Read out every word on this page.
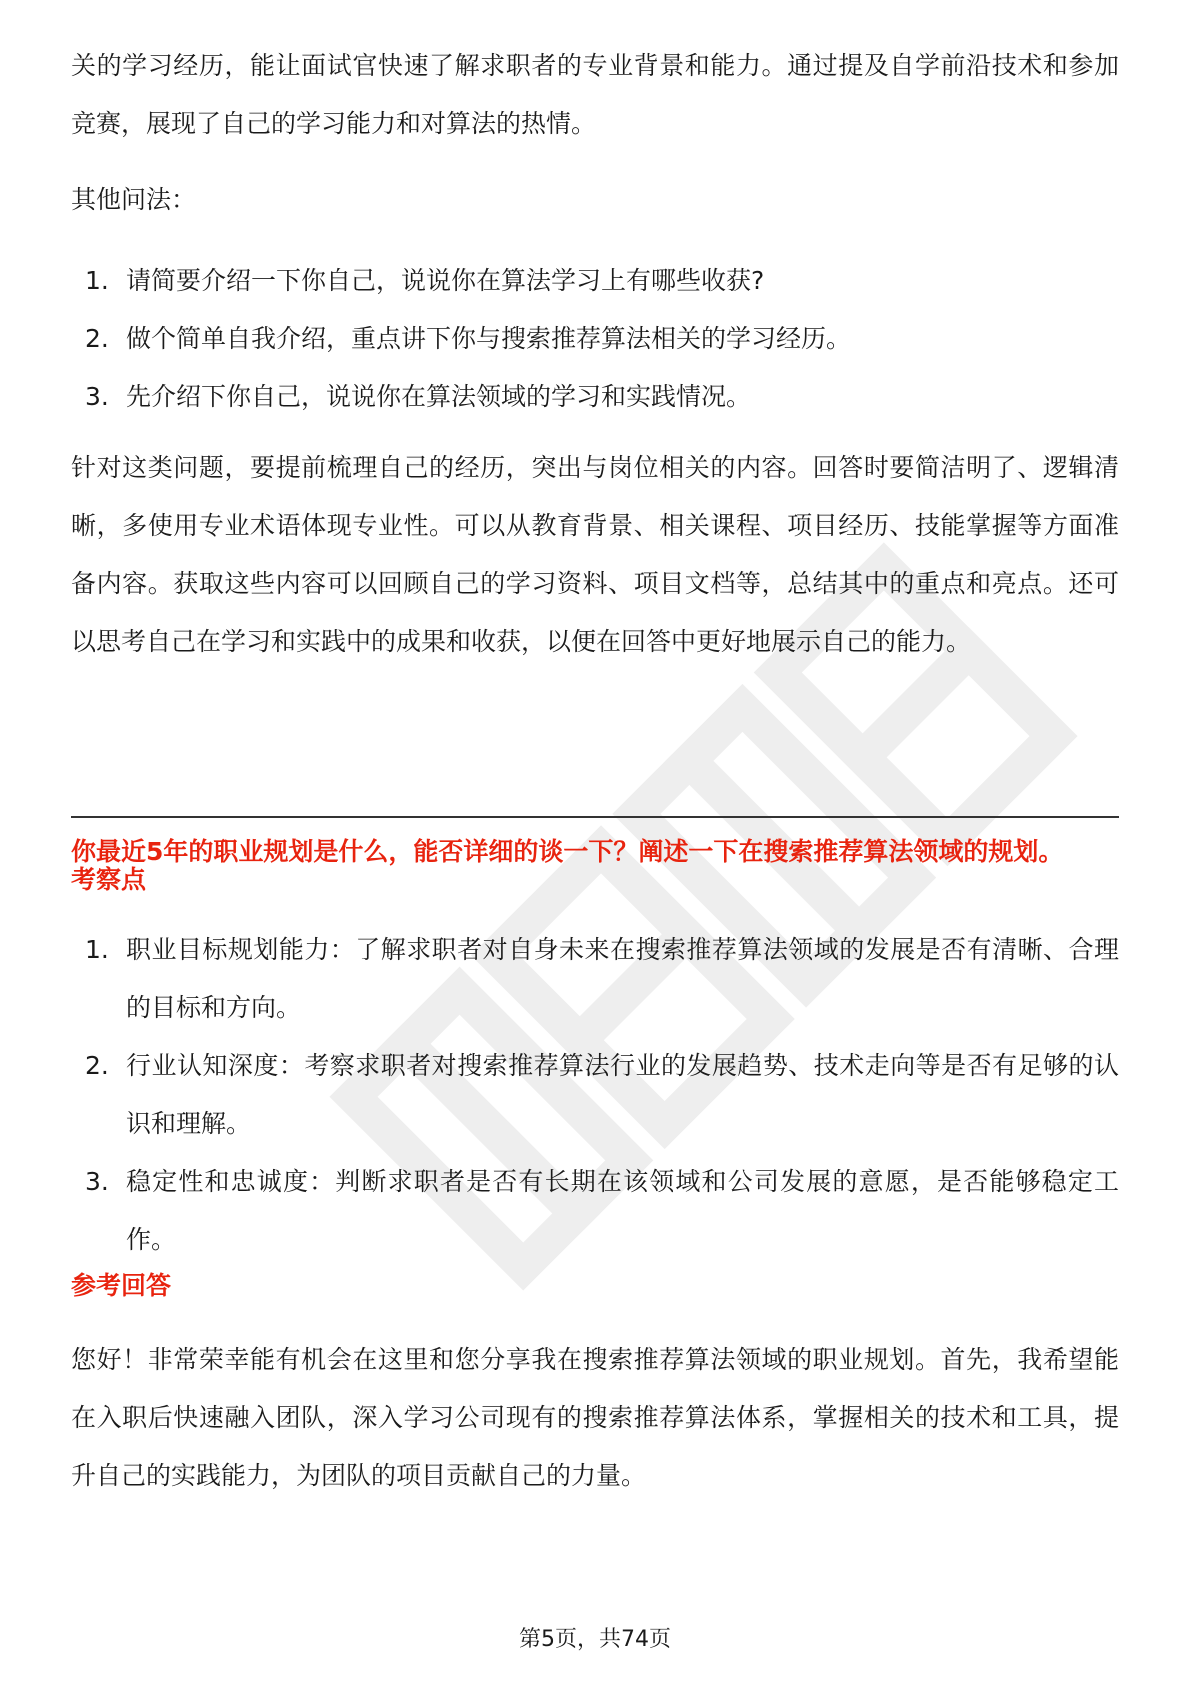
关的学习经历，能让面试官快速了解求职者的专业背景和能力。通过提及自学前沿技术和参加竞赛，展现了自己的学习能力和对算法的热情。

其他问法：

1. 请简要介绍一下你自己，说说你在算法学习上有哪些收获?
2. 做个简单自我介绍，重点讲下你与搜索推荐算法相关的学习经历。
3. 先介绍下你自己，说说你在算法领域的学习和实践情况。

针对这类问题，要提前梳理自己的经历，突出与岗位相关的内容。回答时要简洁明了、逻辑清晰，多使用专业术语体现专业性。可以从教育背景、相关课程、项目经历、技能掌握等方面准备内容。获取这些内容可以回顾自己的学习资料、项目文档等，总结其中的重点和亮点。还可以思考自己在学习和实践中的成果和收获，以便在回答中更好地展示自己的能力。

你最近5年的职业规划是什么，能否详细的谈一下？阐述一下在搜索推荐算法领域的规划。

考察点

1. 职业目标规划能力：了解求职者对自身未来在搜索推荐算法领域的发展是否有清晰、合理的目标和方向。
2. 行业认知深度：考察求职者对搜索推荐算法行业的发展趋势、技术走向等是否有足够的认识和理解。
3. 稳定性和忠诚度：判断求职者是否有长期在该领域和公司发展的意愿，是否能够稳定工作。

参考回答

您好！非常荣幸能有机会在这里和您分享我在搜索推荐算法领域的职业规划。首先，我希望能在入职后快速融入团队，深入学习公司现有的搜索推荐算法体系，掌握相关的技术和工具，提升自己的实践能力，为团队的项目贡献自己的力量。

第5页，共74页
